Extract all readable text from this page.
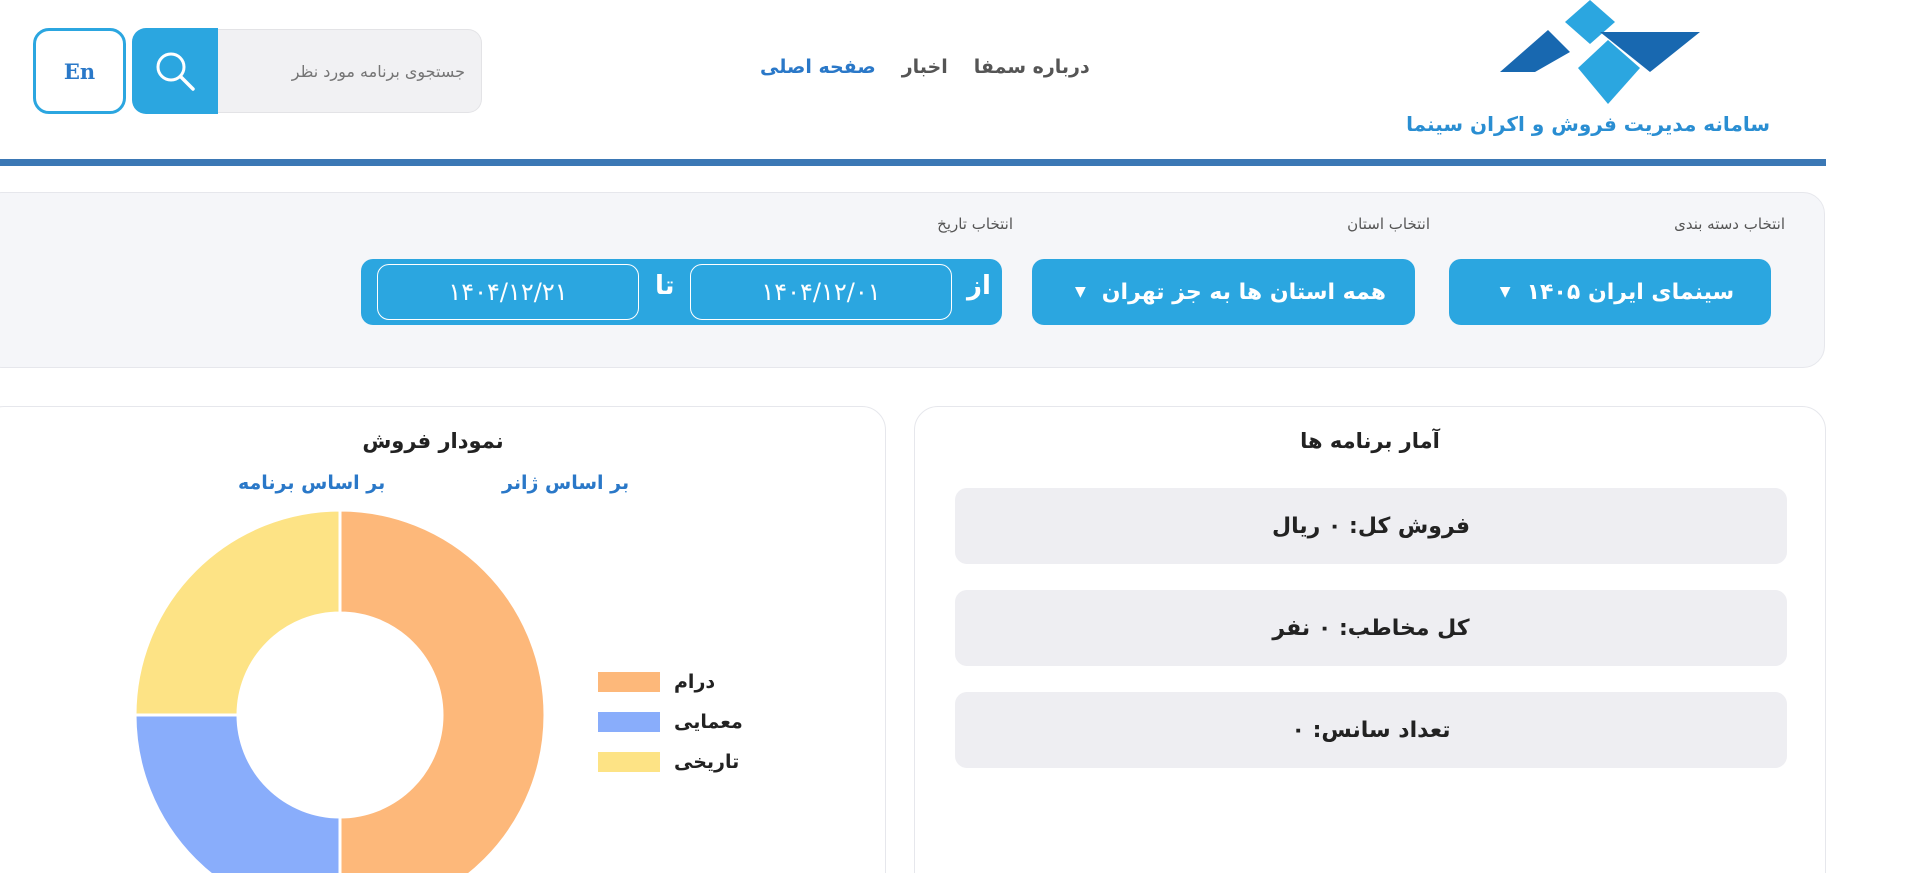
سامانه مدیریت فروش و اکران سینما
صفحه اصلی اخبار درباره سمفا
جستجوی برنامه مورد نظر
En
انتخاب دسته بندی
انتخاب استان
انتخاب تاریخ
سینمای ایران ۱۴۰۵
▼
همه استان ها به جز تهران
▼
از
۱۴۰۴/۱۲/۰۱
تا
۱۴۰۴/۱۲/۲۱
آمار برنامه ها
فروش کل: ۰ ریال
کل مخاطب: ۰ نفر
تعداد سانس: ۰
نمودار فروش
بر اساس ژانر
بر اساس برنامه
درام
معمایی
تاریخی
